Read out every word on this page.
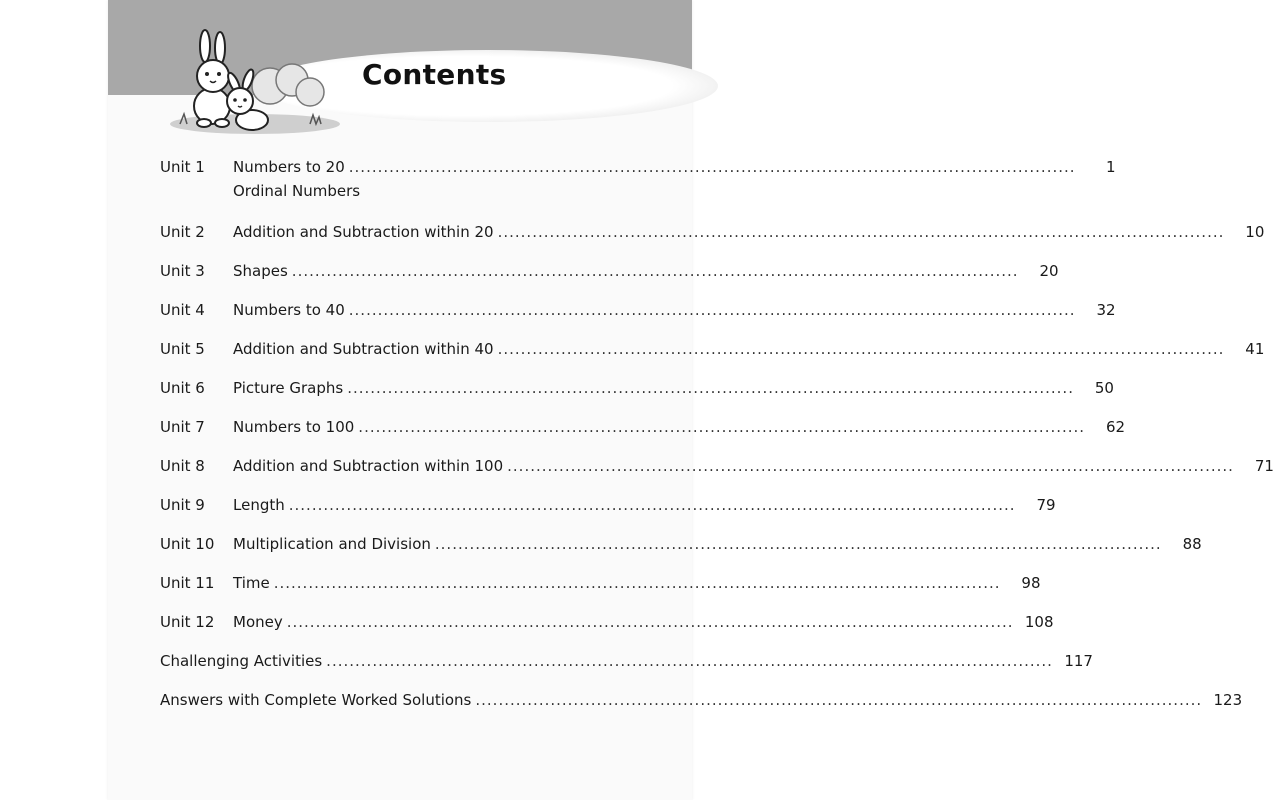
Contents
Unit 1	Numbers to 20 ..............................................................................................................................	1
Ordinal Numbers
Unit 2	Addition and Subtraction within 20 ..............................................................................................................................	10
Unit 3	Shapes ..............................................................................................................................	20
Unit 4	Numbers to 40 ..............................................................................................................................	32
Unit 5	Addition and Subtraction within 40 ..............................................................................................................................	41
Unit 6	Picture Graphs ..............................................................................................................................	50
Unit 7	Numbers to 100 ..............................................................................................................................	62
Unit 8	Addition and Subtraction within 100 ..............................................................................................................................	71
Unit 9	Length ..............................................................................................................................	79
Unit 10	Multiplication and Division ..............................................................................................................................	88
Unit 11	Time ..............................................................................................................................	98
Unit 12	Money .............................................................................................................................. 108
Challenging Activities .............................................................................................................................. 117
Answers with Complete Worked Solutions .............................................................................................................................. 123
